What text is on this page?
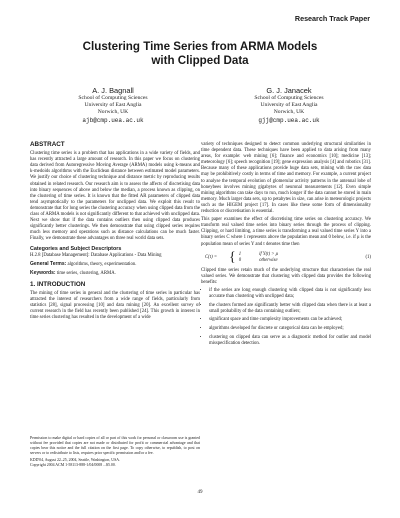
Research Track Paper
Clustering Time Series from ARMA Models
with Clipped Data
A. J. Bagnall
School of Computing Sciences
University of East Anglia
Norwich, UK
ajb@cmp.uea.ac.uk
G. J. Janacek
School of Computing Sciences
University of East Anglia
Norwich, UK
gjj@cmp.uea.ac.uk
ABSTRACT

Clustering time series is a problem that has applications in a wide variety of fields, and has recently attracted a large amount of research. In this paper we focus on clustering data derived from Autoregressive Moving Average (ARMA) models using k-means and k-medoids algorithms with the Euclidean distance between estimated model parameters. We justify our choice of clustering technique and distance metric by reproducing results obtained in related research. Our research aim is to assess the affects of discretising data into binary sequences of above and below the median, a process known as clipping, on the clustering of time series. It is known that the fitted AR parameters of clipped data tend asymptotically to the parameters for unclipped data. We exploit this result to demonstrate that for long series the clustering accuracy when using clipped data from the class of ARMA models is not significantly different to that achieved with unclipped data. Next we show that if the data contains outliers then using clipped data produces significantly better clusterings. We then demonstrate that using clipped series requires much less memory and operations such as distance calculations can be much faster. Finally, we demonstrate these advantages on three real world data sets.

Categories and Subject Descriptors

H.2.8 [Database Management]: Database Applications - Data Mining

General Terms: algorithms, theory, experimentation.

Keywords: time series, clustering, ARMA.

1. INTRODUCTION

The mining of time series in general and the clustering of time series in particular has attracted the interest of researchers from a wide range of fields, particularly from statistics [28], signal processing [10] and data mining [20]. An excellent survey of current research in the field has recently been published [24]. This growth in interest in time series clustering has resulted in the development of a wide

Permission to make digital or hard copies of all or part of this work for personal or classroom use is granted without fee provided that copies are not made or distributed for profit or commercial advantage and that copies bear this notice and the full citation on the first page. To copy otherwise, to republish, to post on servers or to redistribute to lists, requires prior specific permission and/or a fee.

KDD'04, August 22–25, 2004, Seattle, Washington, USA.
Copyright 2004 ACM 1-58113-888-1/04/0008 ...$5.00.

variety of techniques designed to detect common underlying structural similarities in time dependent data. These techniques have been applied to data arising from many areas, for example: web mining [6]; finance and economics [10]; medicine [13]; meteorology [6]; speech recognition [19]; gene expression analysis [4] and robotics [31]. Because many of these applications provide huge data sets, mining with the raw data may be prohibitively costly in terms of time and memory. For example, a current project to analyse the temporal evolution of glomerular activity patterns in the antennal lobe of honeybees involves mining gigabytes of neuronal measurements [12]. Even simple mining algorithms can take days to run, much longer if the data cannot be stored in main memory. Much larger data sets, up to petabytes in size, can arise in meteorologic projects such as the HIGEM project [17]. In cases like these some form of dimensionality reduction or discretisation is essential.

This paper examines the effect of discretising time series on clustering accuracy. We transform real valued time series into binary series through the process of clipping. Clipping, or hard limiting, a time series is transforming a real valued time series Y into a binary series C where 1 represents above the population mean and 0 below, i.e. if μ is the population mean of series Y and t denotes time then

C(t) = { 1	if Y(t) > μ
0	otherwise
(1)

Clipped time series retain much of the underlying structure that characterises the real valued series. We demonstrate that clustering with clipped data provides the following benefits:

• if the series are long enough clustering with clipped data is not significantly less accurate than clustering with unclipped data;
• the clusters formed are significantly better with clipped data when there is at least a small probability of the data containing outliers;
• significant space and time complexity improvements can be achieved;
• algorithms developed for discrete or categorical data can be employed;
• clustering on clipped data can serve as a diagnostic method for outlier and model misspecification detection.
49
